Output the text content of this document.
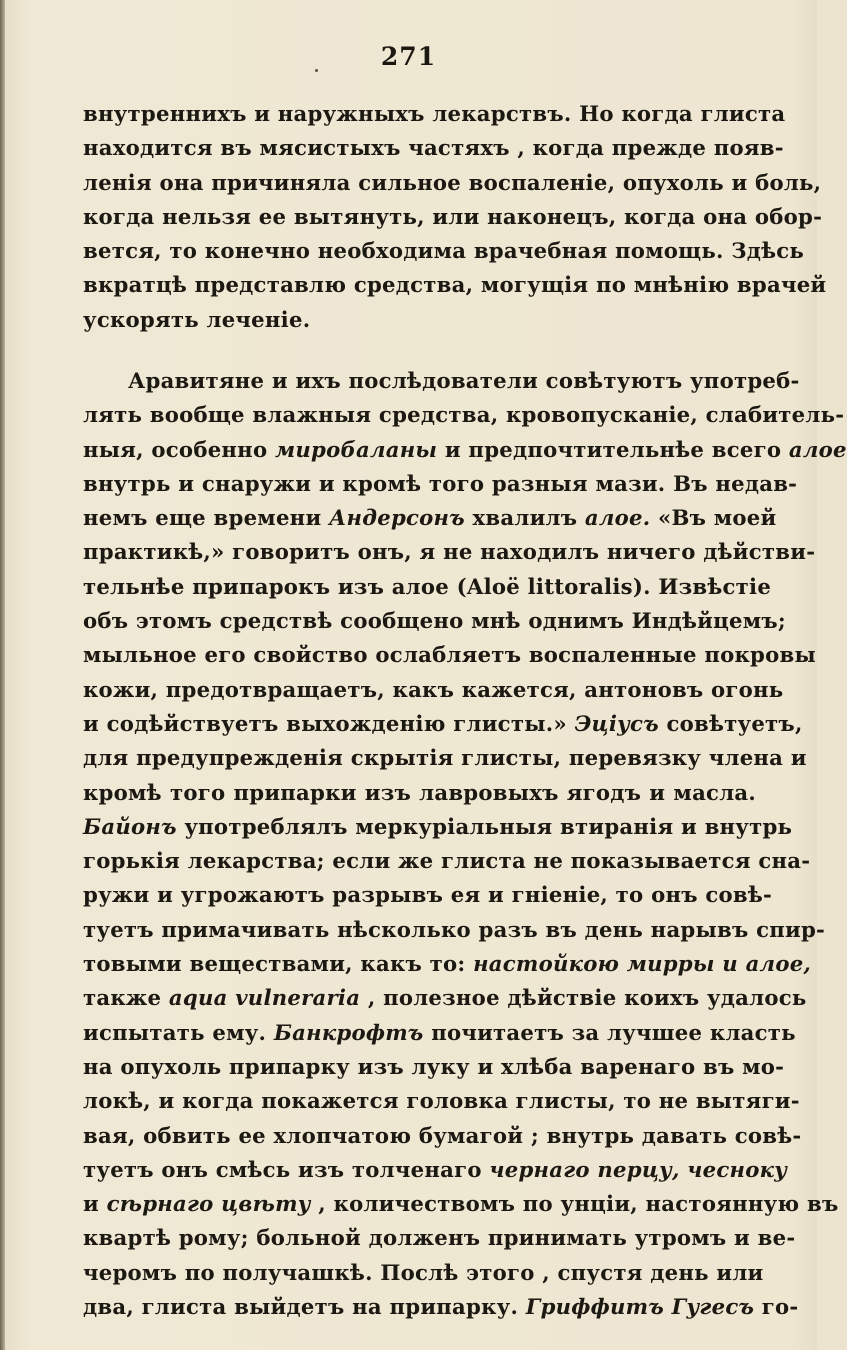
271
внутреннихъ и наружныхъ лекарствъ. Но когда глиста
находится въ мясистыхъ частяхъ , когда прежде появ-
ленія она причиняла сильное воспаленіе, опухоль и боль,
когда нельзя ее вытянуть, или наконецъ, когда она обор-
вется, то конечно необходима врачебная помощь. Здѣсь
вкратцѣ представлю средства, могущія по мнѣнію врачей
ускорять леченіе.
Аравитяне и ихъ послѣдователи совѣтуютъ употреб-
лять вообще влажныя средства, кровопусканіе, слабитель-
ныя, особенно миробаланы и предпочтительнѣе всего алое
внутрь и снаружи и кромѣ того разныя мази. Въ недав-
немъ еще времени Андерсонъ хвалилъ алое. «Въ моей
практикѣ,» говоритъ онъ, я не находилъ ничего дѣйстви-
тельнѣе припарокъ изъ алое (Aloë littoralis). Извѣстіе
объ этомъ средствѣ сообщено мнѣ однимъ Индѣйцемъ;
мыльное его свойство ослабляетъ воспаленные покровы
кожи, предотвращаетъ, какъ кажется, антоновъ огонь
и содѣйствуетъ выхожденію глисты.» Эціусъ совѣтуетъ,
для предупрежденія скрытія глисты, перевязку члена и
кромѣ того припарки изъ лавровыхъ ягодъ и масла.
Байонъ употреблялъ меркуріальныя втиранія и внутрь
горькія лекарства; если же глиста не показывается сна-
ружи и угрожаютъ разрывъ ея и гніеніе, то онъ совѣ-
туетъ примачивать нѣсколько разъ въ день нарывъ спир-
товыми веществами, какъ то: настойкою мирры и алое,
также aqua vulneraria , полезное дѣйствіе коихъ удалось
испытать ему. Банкрофтъ почитаетъ за лучшее класть
на опухоль припарку изъ луку и хлѣба варенаго въ мо-
локѣ, и когда покажется головка глисты, то не вытяги-
вая, обвить ее хлопчатою бумагой ; внутрь давать совѣ-
туетъ онъ смѣсь изъ толченаго чернаго перцу, чесноку
и сѣрнаго цвѣту , количествомъ по унціи, настоянную въ
квартѣ рому; больной долженъ принимать утромъ и ве-
черомъ по получашкѣ. Послѣ этого , спустя день или
два, глиста выйдетъ на припарку. Гриффитъ Гугесъ го-
